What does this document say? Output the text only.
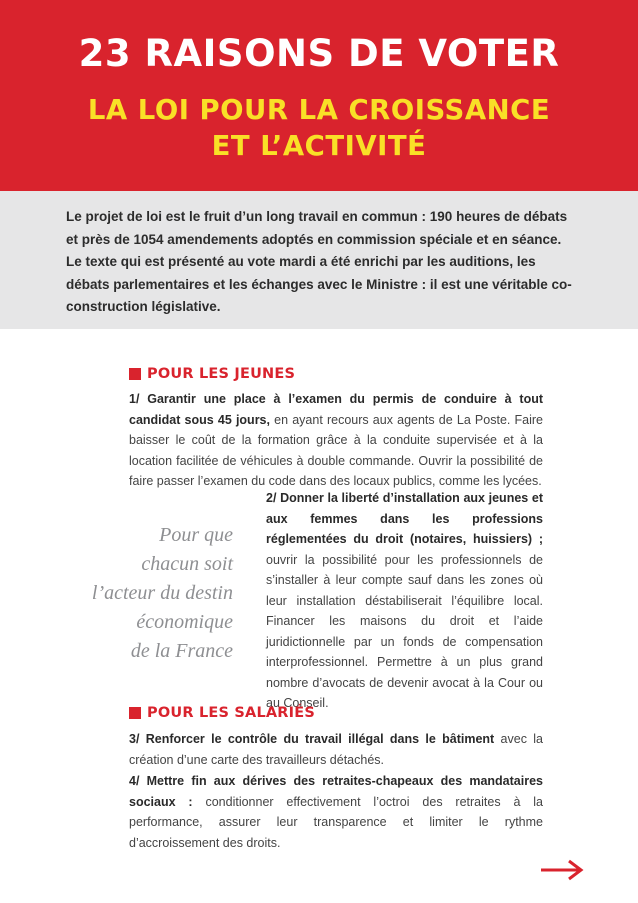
23 RAISONS DE VOTER
LA LOI POUR LA CROISSANCE
ET L’ACTIVITÉ

Le projet de loi est le fruit d’un long travail en commun : 190 heures de débats et près de 1054 amendements adoptés en commission spéciale et en séance. Le texte qui est présenté au vote mardi a été enrichi par les auditions, les débats parlementaires et les échanges avec le Ministre : il est une véritable co-construction législative.

POUR LES JEUNES

1/ Garantir une place à l’examen du permis de conduire à tout candidat sous 45 jours, en ayant recours aux agents de La Poste. Faire baisser le coût de la formation grâce à la conduite supervisée et à la location facilitée de véhicules à double commande. Ouvrir la possibilité de faire passer l’examen du code dans des locaux publics, comme les lycées.

2/ Donner la liberté d’installation aux jeunes et aux femmes dans les professions réglementées du droit (notaires, huissiers) ; ouvrir la possibilité pour les professionnels de s’installer à leur compte sauf dans les zones où leur installation déstabiliserait l’équilibre local. Financer les maisons du droit et l’aide juridictionnelle par un fonds de compensation interprofessionnel. Permettre à un plus grand nombre d’avocats de devenir avocat à la Cour ou au Conseil.

Pour que
chacun soit
l’acteur du destin
économique
de la France
POUR LES SALARIÉS

3/ Renforcer le contrôle du travail illégal dans le bâtiment avec la création d’une carte des travailleurs détachés.

4/ Mettre fin aux dérives des retraites-chapeaux des mandataires sociaux : conditionner effectivement l’octroi des retraites à la performance, assurer leur transparence et limiter le rythme d’accroissement des droits.
